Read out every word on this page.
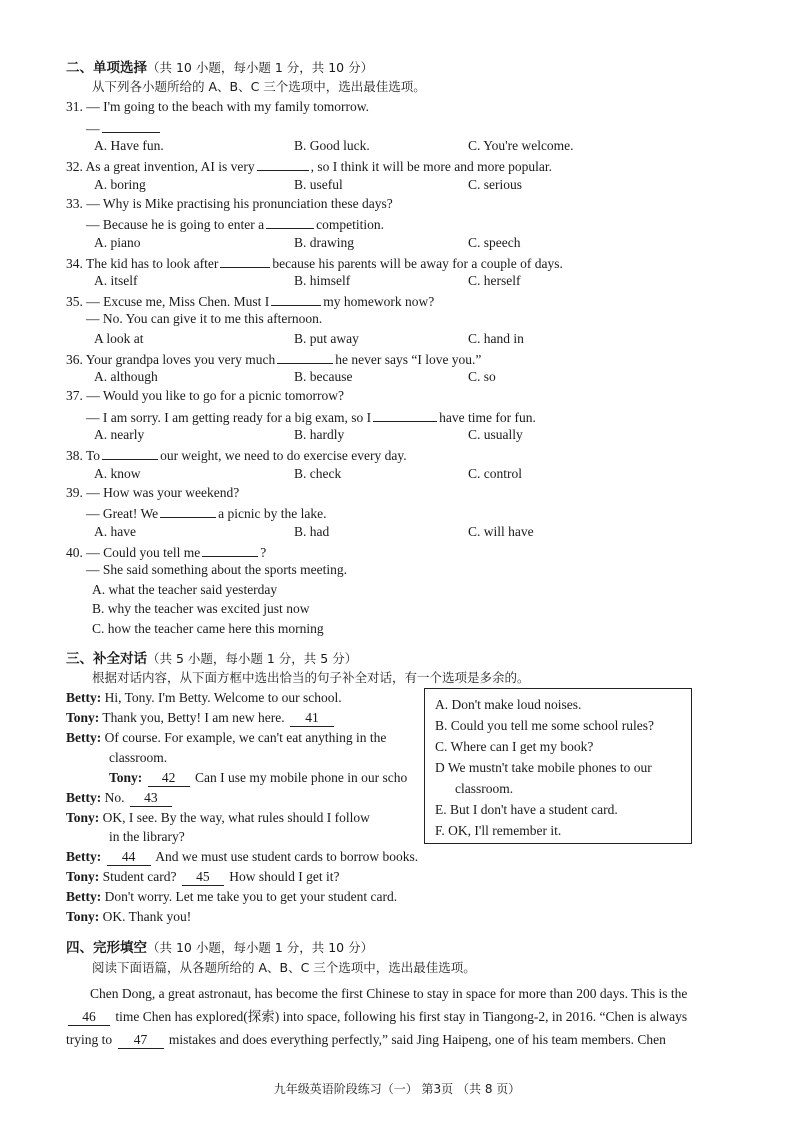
二、单项选择（共 10 小题，每小题 1 分，共 10 分）
从下列各小题所给的 A、B、C 三个选项中，选出最佳选项。
31. — I'm going to the beach with my family tomorrow.
—
A. Have fun.	B. Good luck.	C. You're welcome.
32. As a great invention, AI is very	, so I think it will be more and more popular.
A. boring	B. useful	C. serious
33. — Why is Mike practising his pronunciation these days?
— Because he is going to enter a	competition.
A. piano	B. drawing	C. speech
34. The kid has to look after	because his parents will be away for a couple of days.
A. itself	B. himself	C. herself
35. — Excuse me, Miss Chen. Must I	my homework now?
— No. You can give it to me this afternoon.
A look at	B. put away	C. hand in
36. Your grandpa loves you very much	he never says “I love you.”
A. although	B. because	C. so
37. — Would you like to go for a picnic tomorrow?
— I am sorry. I am getting ready for a big exam, so I	have time for fun.
A. nearly	B. hardly	C. usually
38. To	our weight, we need to do exercise every day.
A. know	B. check	C. control
39. — How was your weekend?
— Great! We	a picnic by the lake.
A. have	B. had	C. will have
40. — Could you tell me	?
— She said something about the sports meeting.
A. what the teacher said yesterday
B. why the teacher was excited just now
C. how the teacher came here this morning
三、补全对话（共 5 小题，每小题 1 分，共 5 分）
根据对话内容，从下面方框中选出恰当的句子补全对话，有一个选项是多余的。
Betty: Hi, Tony. I'm Betty. Welcome to our school.
Tony: Thank you, Betty! I am new here. 41
Betty: Of course. For example, we can't eat anything in the
classroom.
Tony: 42 Can I use my mobile phone in our scho
Betty: No. 43
Tony: OK, I see. By the way, what rules should I follow
in the library?
Betty: 44 And we must use student cards to borrow books.
Tony: Student card? 45 How should I get it?
Betty: Don't worry. Let me take you to get your student card.
Tony: OK. Thank you!
A. Don't make loud noises.
B. Could you tell me some school rules?
C. Where can I get my book?
D We mustn't take mobile phones to our
classroom.
E. But I don't have a student card.
F. OK, I'll remember it.
四、完形填空（共 10 小题，每小题 1 分，共 10 分）
阅读下面语篇，从各题所给的 A、B、C 三个选项中，选出最佳选项。
Chen Dong, a great astronaut, has become the first Chinese to stay in space for more than 200 days. This is the
46 time Chen has explored(探索) into space, following his first stay in Tiangong-2, in 2016. “Chen is always
trying to 47 mistakes and does everything perfectly,” said Jing Haipeng, one of his team members. Chen
九年级英语阶段练习（一） 第3页 （共 8 页）
